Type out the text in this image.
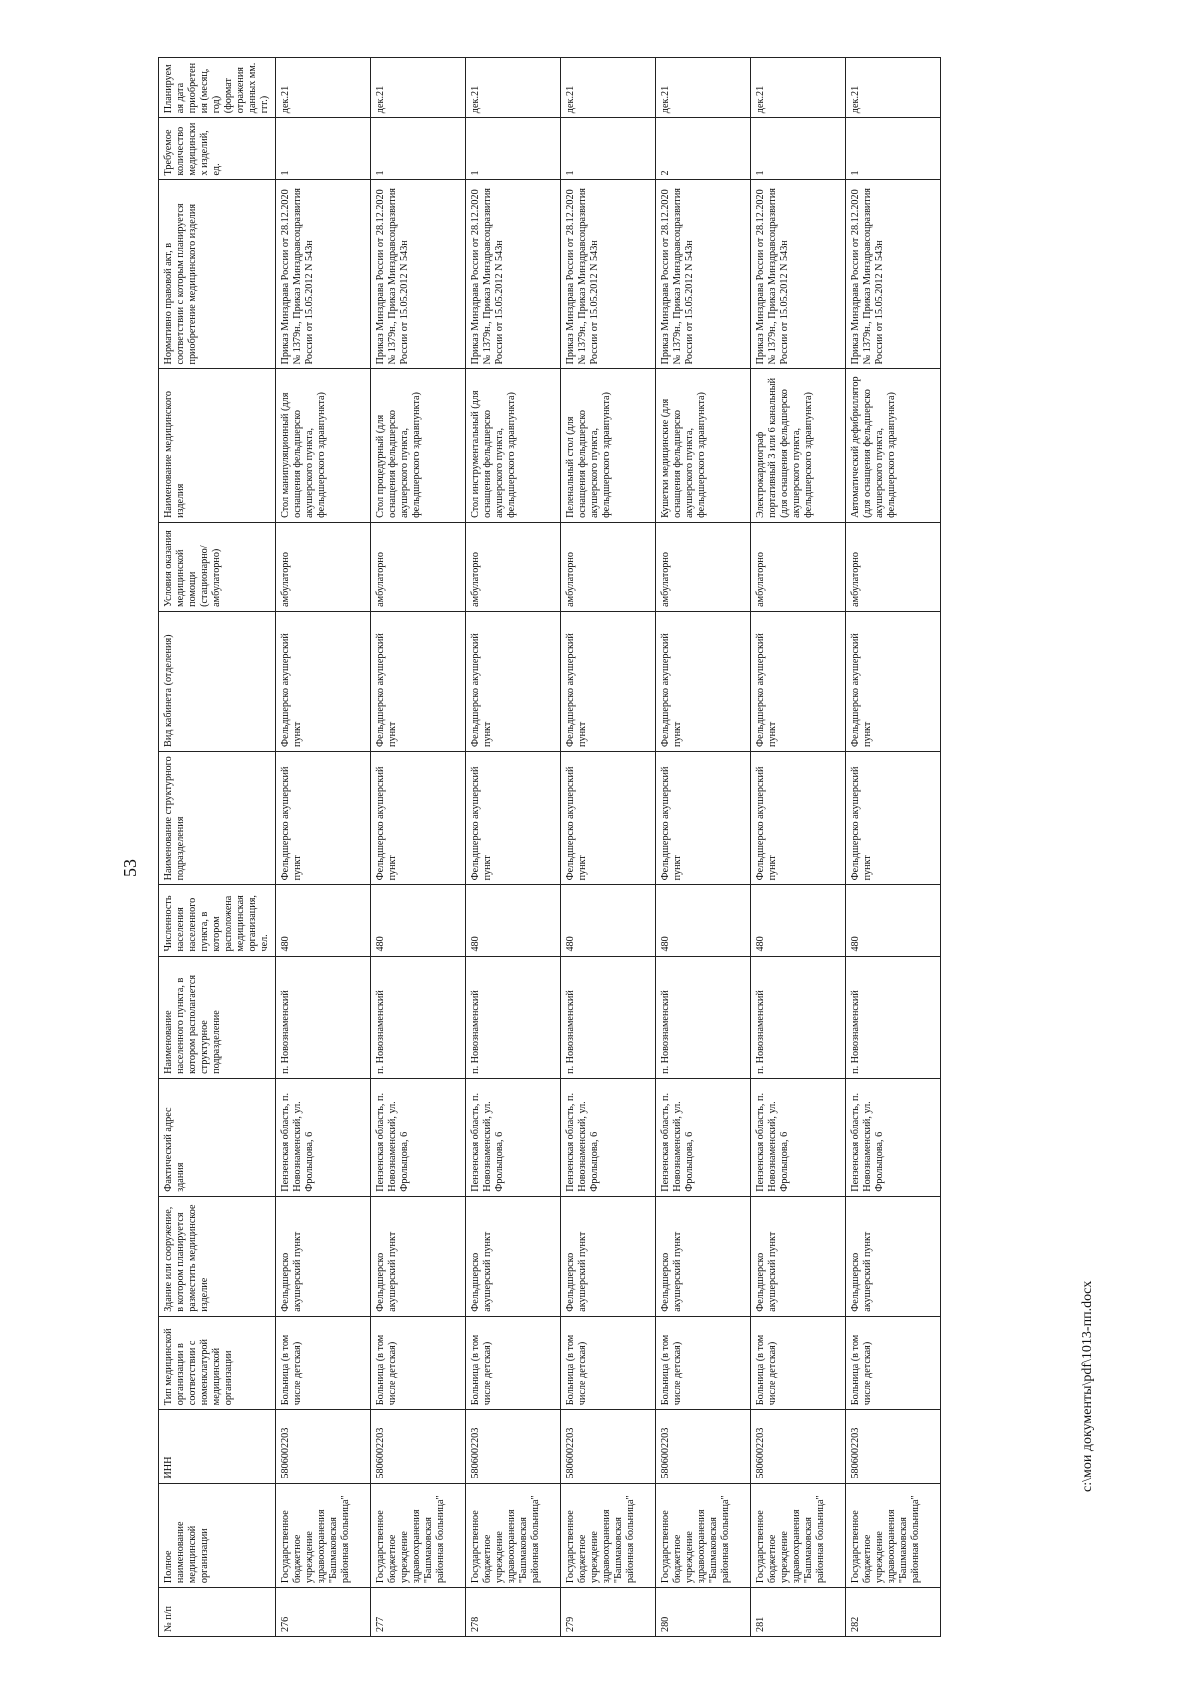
53
№ п/п	Полное наименование медицинской организации	ИНН	Тип медицинской организации в соответствии с номенклатурой медицинской организации	Здание или сооружение, в котором планируется разместить медицинское изделие	Фактический адрес здания	Наименование населенного пункта, в котором располагается структурное подразделение	Численность населения населенного пункта, в котором расположена медицинская организация, чел.	Наименование структурного подразделения	Вид кабинета (отделения)	Условия оказания медицинской помощи (стационарно/ амбулаторно)	Наименование медицинского изделия	Нормативно правовой акт, в соответствии с которым планируется приобретение медицинского изделия	Требуемое количество медицинских изделий, ед.	Планируемая дата приобретения (месяц, год) (формат отражения данных мм. ггг.)
276	Государственное бюджетное учреждение здравоохранения "Башмаковская районная больница"	5806002203	Больница (в том числе детская)	Фельдшерско акушерский пункт	Пензенская область, п. Новознаменский, ул. Фролыцова, 6	п. Новознаменский	480	Фельдшерско акушерский пункт	Фельдшерско акушерский пункт	амбулаторно	Стол манипуляционный (для оснащения фельдшерско акушерского пункта, фельдшерского здравпункта)	Приказ Минздрава России от 28.12.2020 № 1379н., Приказ Минздравсоцразвития России от 15.05.2012 N 543н	1	дек.21
277	Государственное бюджетное учреждение здравоохранения "Башмаковская районная больница"	5806002203	Больница (в том числе детская)	Фельдшерско акушерский пункт	Пензенская область, п. Новознаменский, ул. Фролыцова, 6	п. Новознаменский	480	Фельдшерско акушерский пункт	Фельдшерско акушерский пункт	амбулаторно	Стол процедурный (для оснащения фельдшерско акушерского пункта, фельдшерского здравпункта)	Приказ Минздрава России от 28.12.2020 № 1379н., Приказ Минздравсоцразвития России от 15.05.2012 N 543н	1	дек.21
278	Государственное бюджетное учреждение здравоохранения "Башмаковская районная больница"	5806002203	Больница (в том числе детская)	Фельдшерско акушерский пункт	Пензенская область, п. Новознаменский, ул. Фролыцова, 6	п. Новознаменский	480	Фельдшерско акушерский пункт	Фельдшерско акушерский пункт	амбулаторно	Стол инструментальный (для оснащения фельдшерско акушерского пункта, фельдшерского здравпункта)	Приказ Минздрава России от 28.12.2020 № 1379н., Приказ Минздравсоцразвития России от 15.05.2012 N 543н	1	дек.21
279	Государственное бюджетное учреждение здравоохранения "Башмаковская районная больница"	5806002203	Больница (в том числе детская)	Фельдшерско акушерский пункт	Пензенская область, п. Новознаменский, ул. Фролыцова, 6	п. Новознаменский	480	Фельдшерско акушерский пункт	Фельдшерско акушерский пункт	амбулаторно	Пеленальный стол (для оснащения фельдшерско акушерского пункта, фельдшерского здравпункта)	Приказ Минздрава России от 28.12.2020 № 1379н., Приказ Минздравсоцразвития России от 15.05.2012 N 543н	1	дек.21
280	Государственное бюджетное учреждение здравоохранения "Башмаковская районная больница"	5806002203	Больница (в том числе детская)	Фельдшерско акушерский пункт	Пензенская область, п. Новознаменский, ул. Фролыцова, 6	п. Новознаменский	480	Фельдшерско акушерский пункт	Фельдшерско акушерский пункт	амбулаторно	Кушетки медицинские (для оснащения фельдшерско акушерского пункта, фельдшерского здравпункта)	Приказ Минздрава России от 28.12.2020 № 1379н., Приказ Минздравсоцразвития России от 15.05.2012 N 543н	2	дек.21
281	Государственное бюджетное учреждение здравоохранения "Башмаковская районная больница"	5806002203	Больница (в том числе детская)	Фельдшерско акушерский пункт	Пензенская область, п. Новознаменский, ул. Фролыцова, 6	п. Новознаменский	480	Фельдшерско акушерский пункт	Фельдшерско акушерский пункт	амбулаторно	Электрокардиограф портативный 3 или 6 канальный (для оснащения фельдшерско акушерского пункта, фельдшерского здравпункта)	Приказ Минздрава России от 28.12.2020 № 1379н., Приказ Минздравсоцразвития России от 15.05.2012 N 543н	1	дек.21
282	Государственное бюджетное учреждение здравоохранения "Башмаковская районная больница"	5806002203	Больница (в том числе детская)	Фельдшерско акушерский пункт	Пензенская область, п. Новознаменский, ул. Фролыцова, 6	п. Новознаменский	480	Фельдшерско акушерский пункт	Фельдшерско акушерский пункт	амбулаторно	Автоматический дефибриллятор (для оснащения фельдшерско акушерского пункта, фельдшерского здравпункта)	Приказ Минздрава России от 28.12.2020 № 1379н., Приказ Минздравсоцразвития России от 15.05.2012 N 543н	1	дек.21
c:\мои документы\pdf\1013-пп.docx
